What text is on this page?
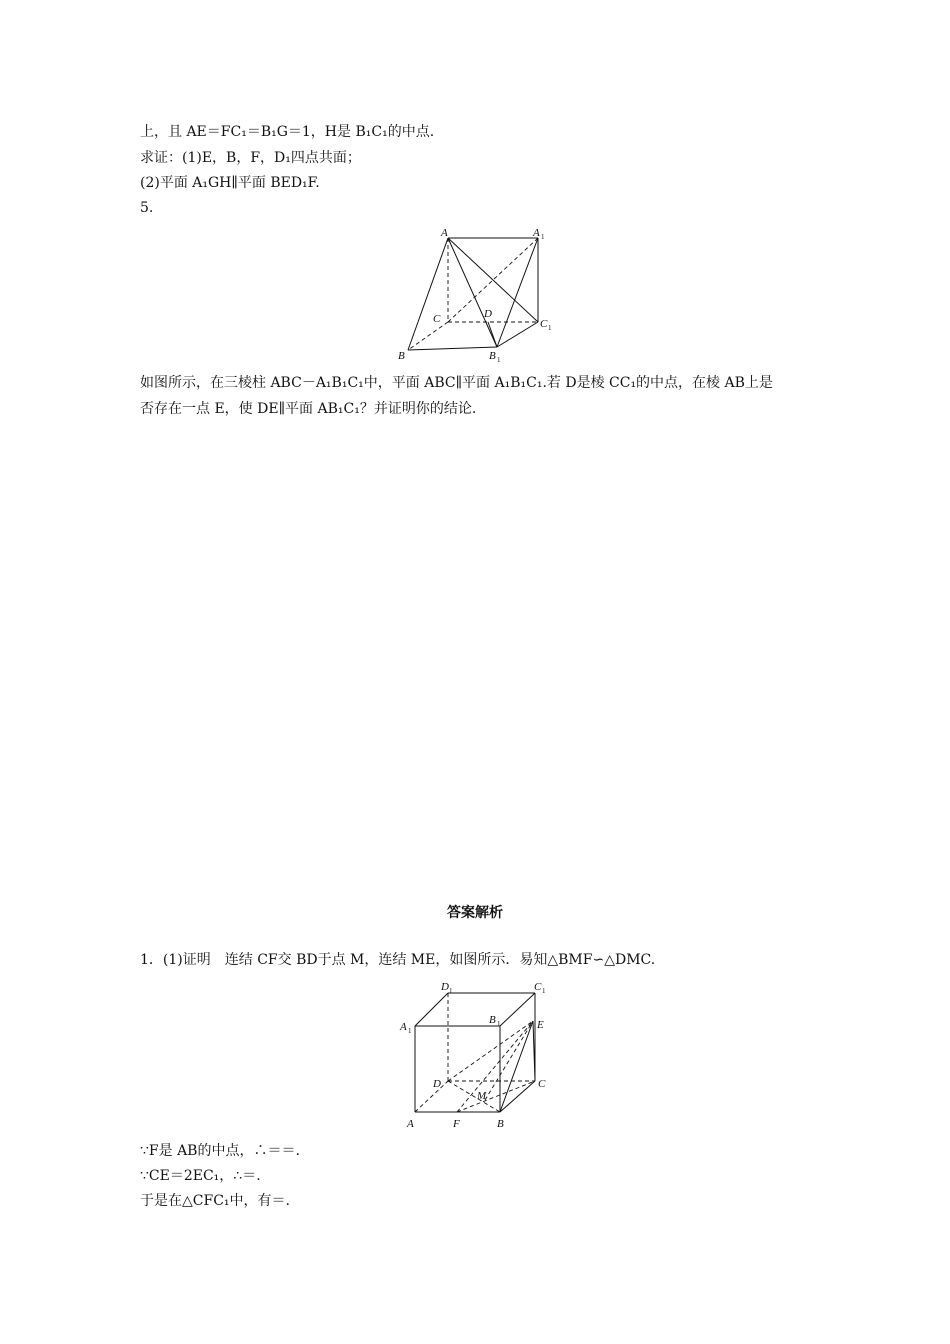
上，且 AE＝FC₁＝B₁G＝1，H是 B₁C₁的中点.
求证：(1)E，B，F，D₁四点共面；
(2)平面 A₁GH∥平面 BED₁F.
5.
A	A 1
C	D
C 1
B	B 1
如图所示，在三棱柱 ABC－A₁B₁C₁中，平面 ABC∥平面 A₁B₁C₁.若 D是棱 CC₁的中点，在棱 AB上是
否存在一点 E，使 DE∥平面 AB₁C₁？并证明你的结论.
答案解析
1．(1)证明　连结 CF交 BD于点 M，连结 ME，如图所示．易知△BMF∽△DMC.
D 1	C 1
A 1
B 1	E
D	C
M
A	F	B
∵F是 AB的中点，∴＝＝.
∵CE＝2EC₁，∴＝.
于是在△CFC₁中，有＝.
